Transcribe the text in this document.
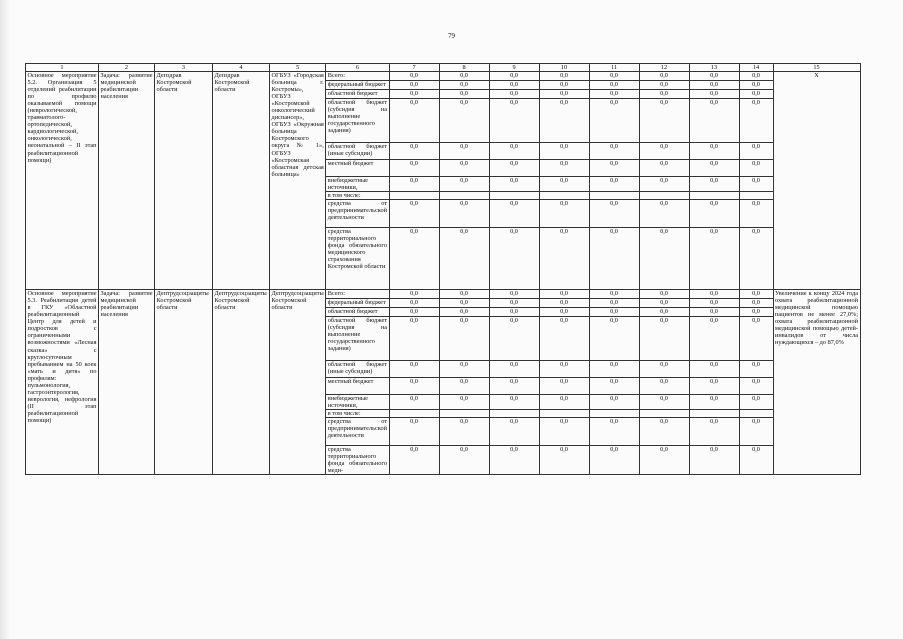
79
1	2	3	4	5	6	7	8	9	10	11	12	13	14	15
Основное мероприятие 5.2. Организация 5 отделений реабилитации по профилю оказываемой помощи (неврологической, травматолого-ортопедической, кардиологической, онкологической, неонатальной – II этап реабилитационной помощи)	Задача: развитие медицинской реабилитации населения	Депздрав Костромской области	Депздрав Костромской области	ОГБУЗ «Городская больница г. Костромы», ОГБУЗ «Костромской онкологический диспансер», ОГБУЗ «Окружная больница Костромского округа № 1», ОГБУЗ «Костромская областная детская больница»	Всего:	0,0	0,0	0,0	0,0	0,0	0,0	0,0	0,0	Х
					федеральный бюджет	0,0	0,0	0,0	0,0	0,0	0,0	0,0	0,0	
					областной бюджет	0,0	0,0	0,0	0,0	0,0	0,0	0,0	0,0	
					областной бюджет (субсидия на выполнение государственного задания)	0,0	0,0	0,0	0,0	0,0	0,0	0,0	0,0	
					областной бюджет (иные субсидии)	0,0	0,0	0,0	0,0	0,0	0,0	0,0	0,0	
					местный бюджет	0,0	0,0	0,0	0,0	0,0	0,0	0,0	0,0	
					внебюджетные источники,	0,0	0,0	0,0	0,0	0,0	0,0	0,0	0,0	
					в том числе:									
					средства от предпринимательской деятельности	0,0	0,0	0,0	0,0	0,0	0,0	0,0	0,0	
					средства территориального фонда обязательного медицинского страхования Костромской области	0,0	0,0	0,0	0,0	0,0	0,0	0,0	0,0	
Основное мероприятие 5.3. Реабилитация детей в ГКУ «Областной реабилитационный Центр для детей и подростков с ограниченными возможностями «Лесная сказка» с круглосуточным пребыванием на 50 коек «мать и дитя» по профилям: пульмонология, гастроэнтерология, неврология, нефрология (II этап реабилитационной помощи)	Задача: развитие медицинской реабилитации населения	Дептрудсоцзащиты Костромской области	Дептрудсоцзащиты Костромской области	Дептрудсоцзащиты Костромской области	Всего:	0,0	0,0	0,0	0,0	0,0	0,0	0,0	0,0	Увеличение к концу 2024 года охвата реабилитационной медицинской помощью пациентов не менее 27,0%; охвата реабилитационной медицинской помощью детей-инвалидов от числа нуждающихся – до 87,0%
					федеральный бюджет	0,0	0,0	0,0	0,0	0,0	0,0	0,0	0,0	
					областной бюджет	0,0	0,0	0,0	0,0	0,0	0,0	0,0	0,0	
					областной бюджет (субсидия на выполнение государственного задания)	0,0	0,0	0,0	0,0	0,0	0,0	0,0	0,0	
					областной бюджет (иные субсидии)	0,0	0,0	0,0	0,0	0,0	0,0	0,0	0,0	
					местный бюджет	0,0	0,0	0,0	0,0	0,0	0,0	0,0	0,0	
					внебюджетные источники,	0,0	0,0	0,0	0,0	0,0	0,0	0,0	0,0	
					в том числе:									
					средства от предпринимательской деятельности	0,0	0,0	0,0	0,0	0,0	0,0	0,0	0,0	
					средства территориального фонда обязательного меди-	0,0	0,0	0,0	0,0	0,0	0,0	0,0	0,0	
